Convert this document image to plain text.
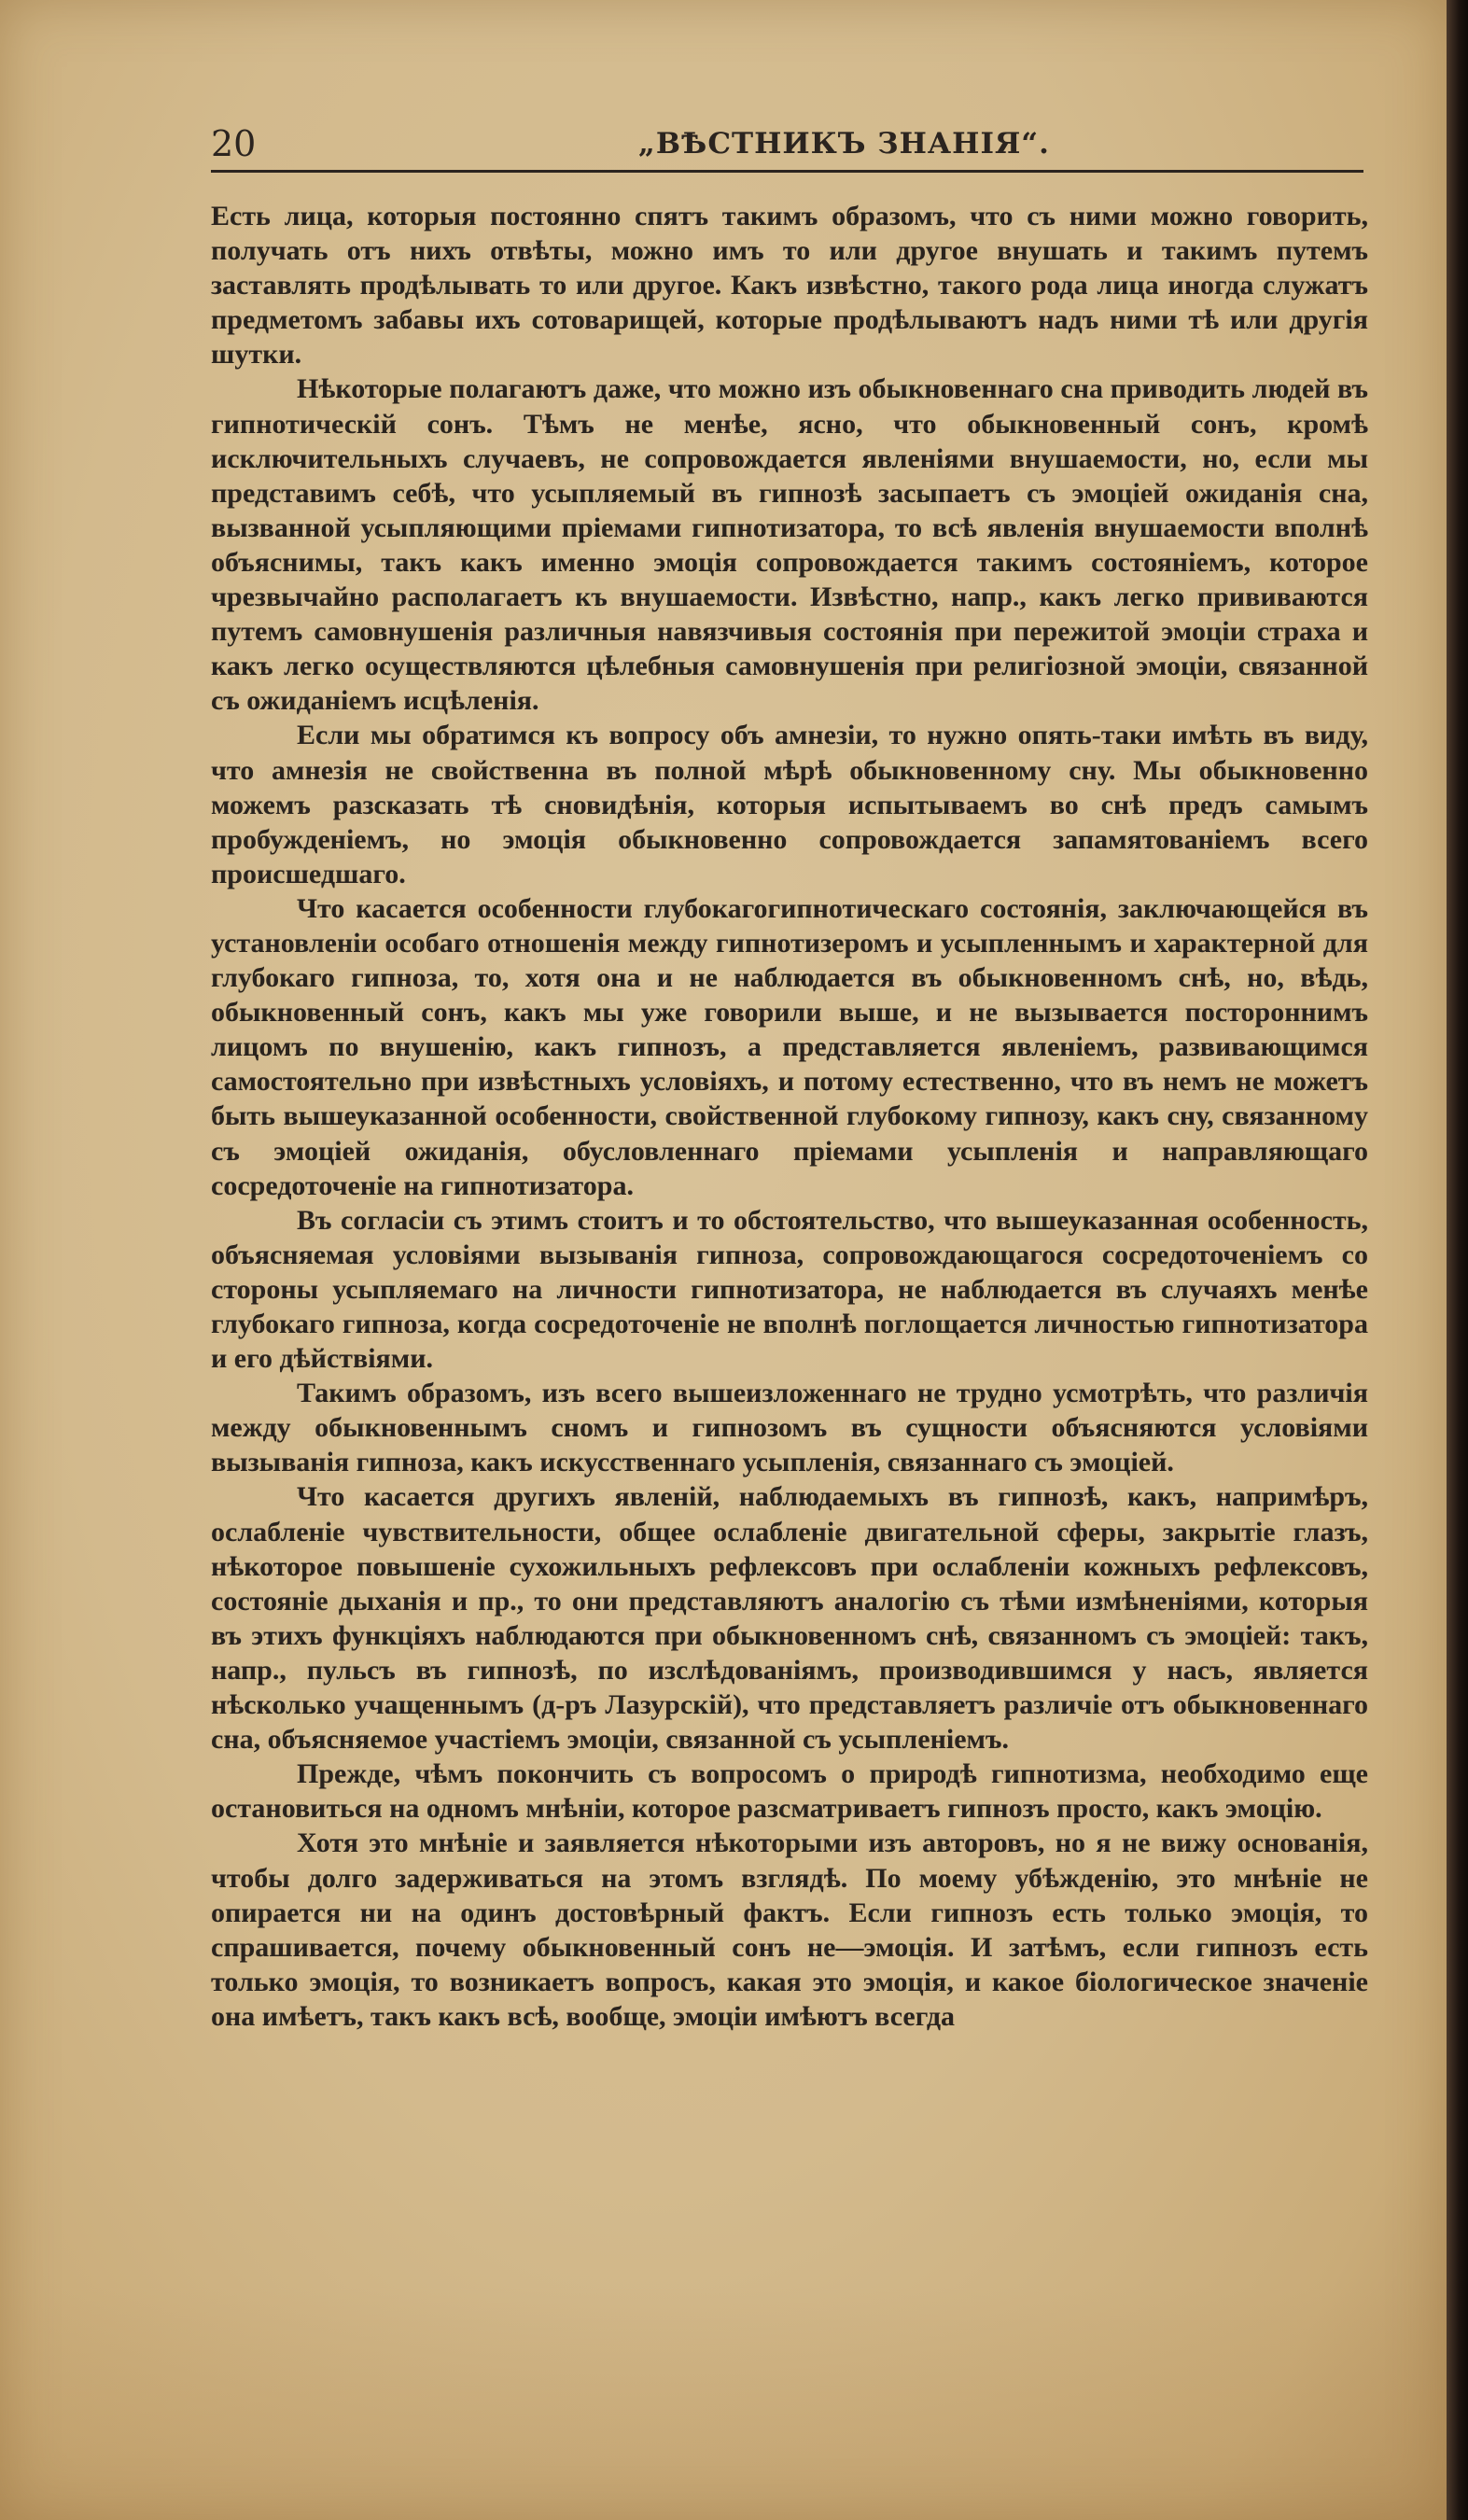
20	„ВѢСТНИКЪ ЗНАНІЯ“.

Есть лица, которыя постоянно спятъ такимъ образомъ, что съ ними можно говорить, получать отъ нихъ отвѣты, можно имъ то или другое внушать и такимъ путемъ заставлять продѣлывать то или другое. Какъ извѣстно, такого рода лица иногда служатъ предметомъ забавы ихъ сотоварищей, которые продѣлываютъ надъ ними тѣ или другія шутки.

Нѣкоторые полагаютъ даже, что можно изъ обыкновеннаго сна приводить людей въ гипнотическій сонъ. Тѣмъ не менѣе, ясно, что обыкновенный сонъ, кромѣ исключительныхъ случаевъ, не сопровождается явленіями внушаемости, но, если мы представимъ себѣ, что усыпляемый въ гипнозѣ засыпаетъ съ эмоціей ожиданія сна, вызванной усыпляющими пріемами гипнотизатора, то всѣ явленія внушаемости вполнѣ объяснимы, такъ какъ именно эмоція сопровождается такимъ состояніемъ, которое чрезвычайно располагаетъ къ внушаемости. Извѣстно, напр., какъ легко прививаются путемъ самовнушенія различныя навязчивыя состоянія при пережитой эмоціи страха и какъ легко осуществляются цѣлебныя самовнушенія при религіозной эмоціи, связанной съ ожиданіемъ исцѣленія.

Если мы обратимся къ вопросу объ амнезіи, то нужно опять-таки имѣть въ виду, что амнезія не свойственна въ полной мѣрѣ обыкновенному сну. Мы обыкновенно можемъ разсказать тѣ сновидѣнія, которыя испытываемъ во снѣ предъ самымъ пробужденіемъ, но эмоція обыкновенно сопровождается запамятованіемъ всего происшедшаго.

Что касается особенности глубокагогипнотическаго состоянія, заключающейся въ установленіи особаго отношенія между гипнотизеромъ и усыпленнымъ и характерной для глубокаго гипноза, то, хотя она и не наблюдается въ обыкновенномъ снѣ, но, вѣдь, обыкновенный сонъ, какъ мы уже говорили выше, и не вызывается постороннимъ лицомъ по внушенію, какъ гипнозъ, а представляется явленіемъ, развивающимся самостоятельно при извѣстныхъ условіяхъ, и потому естественно, что въ немъ не можетъ быть вышеуказанной особенности, свойственной глубокому гипнозу, какъ сну, связанному съ эмоціей ожиданія, обусловленнаго пріемами усыпленія и направляющаго сосредоточеніе на гипнотизатора.

Въ согласіи съ этимъ стоитъ и то обстоятельство, что вышеуказанная особенность, объясняемая условіями вызыванія гипноза, сопровождающагося сосредоточеніемъ со стороны усыпляемаго на личности гипнотизатора, не наблюдается въ случаяхъ менѣе глубокаго гипноза, когда сосредоточеніе не вполнѣ поглощается личностью гипнотизатора и его дѣйствіями.

Такимъ образомъ, изъ всего вышеизложеннаго не трудно усмотрѣть, что различія между обыкновеннымъ сномъ и гипнозомъ въ сущности объясняются условіями вызыванія гипноза, какъ искусственнаго усыпленія, связаннаго съ эмоціей.

Что касается другихъ явленій, наблюдаемыхъ въ гипнозѣ, какъ, напримѣръ, ослабленіе чувствительности, общее ослабленіе двигательной сферы, закрытіе глазъ, нѣкоторое повышеніе сухожильныхъ рефлексовъ при ослабленіи кожныхъ рефлексовъ, состояніе дыханія и пр., то они представляютъ аналогію съ тѣми измѣненіями, которыя въ этихъ функціяхъ наблюдаются при обыкновенномъ снѣ, связанномъ съ эмоціей: такъ, напр., пульсъ въ гипнозѣ, по изслѣдованіямъ, производившимся у насъ, является нѣсколько учащеннымъ (д-ръ Лазурскій), что представляетъ различіе отъ обыкновеннаго сна, объясняемое участіемъ эмоціи, связанной съ усыпленіемъ.

Прежде, чѣмъ покончить съ вопросомъ о природѣ гипнотизма, необходимо еще остановиться на одномъ мнѣніи, которое разсматриваетъ гипнозъ просто, какъ эмоцію.

Хотя это мнѣніе и заявляется нѣкоторыми изъ авторовъ, но я не вижу основанія, чтобы долго задерживаться на этомъ взглядѣ. По моему убѣжденію, это мнѣніе не опирается ни на одинъ достовѣрный фактъ. Если гипнозъ есть только эмоція, то спрашивается, почему обыкновенный сонъ не—эмоція. И затѣмъ, если гипнозъ есть только эмоція, то возникаетъ вопросъ, какая это эмоція, и какое біологическое значеніе она имѣетъ, такъ какъ всѣ, вообще, эмоціи имѣютъ всегда
